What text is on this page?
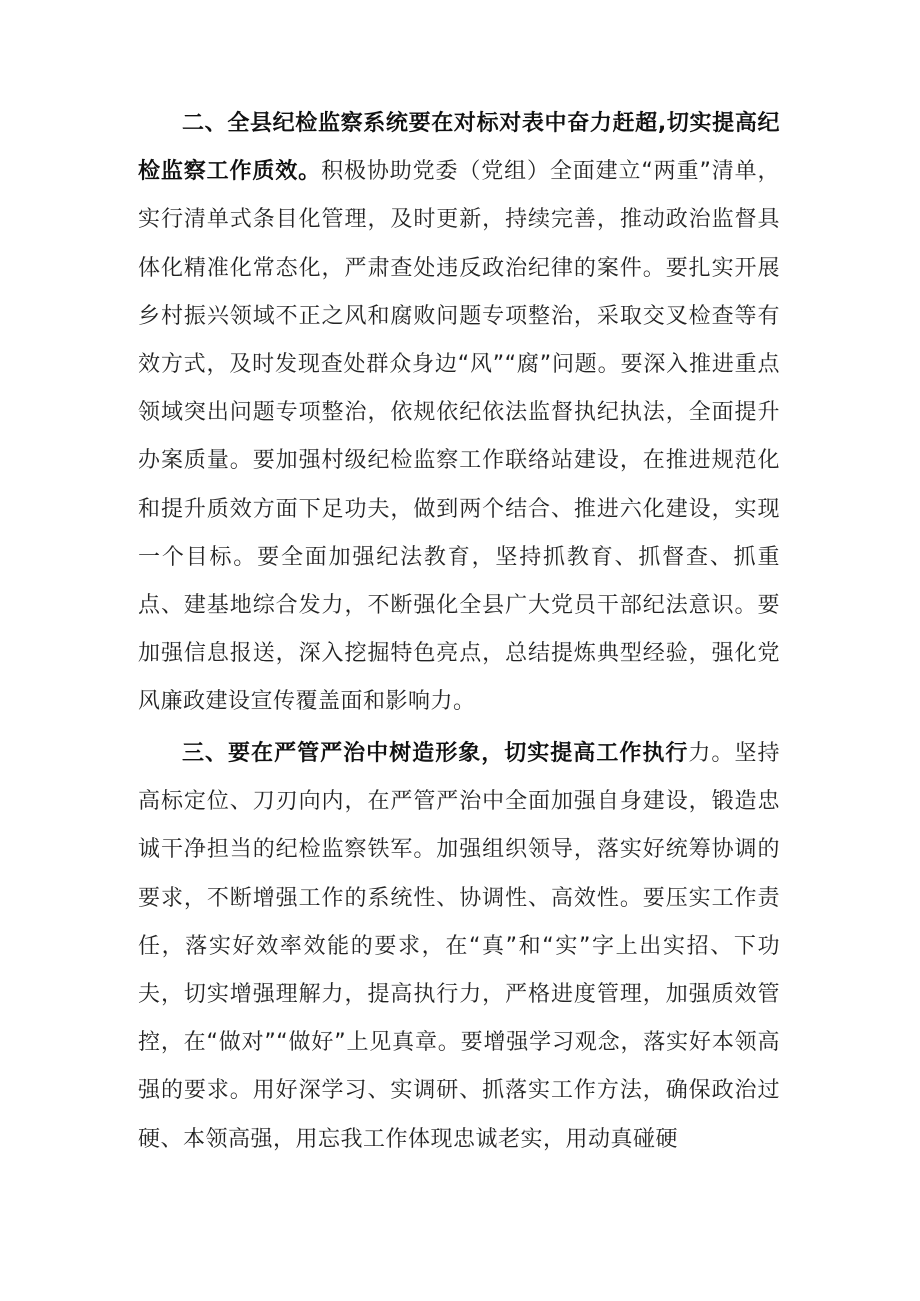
二、全县纪检监察系统要在对标对表中奋力赶超,切实提高纪检监察工作质效。积极协助党委（党组）全面建立“两重”清单，实行清单式条目化管理，及时更新，持续完善，推动政治监督具体化精准化常态化，严肃查处违反政治纪律的案件。要扎实开展乡村振兴领域不正之风和腐败问题专项整治，采取交叉检查等有效方式，及时发现查处群众身边“风”“腐”问题。要深入推进重点领域突出问题专项整治，依规依纪依法监督执纪执法，全面提升办案质量。要加强村级纪检监察工作联络站建设，在推进规范化和提升质效方面下足功夫，做到两个结合、推进六化建设，实现一个目标。要全面加强纪法教育，坚持抓教育、抓督查、抓重点、建基地综合发力，不断强化全县广大党员干部纪法意识。要加强信息报送，深入挖掘特色亮点，总结提炼典型经验，强化党风廉政建设宣传覆盖面和影响力。

三、要在严管严治中树造形象，切实提高工作执行力。坚持高标定位、刀刃向内，在严管严治中全面加强自身建设，锻造忠诚干净担当的纪检监察铁军。加强组织领导，落实好统筹协调的要求，不断增强工作的系统性、协调性、高效性。要压实工作责任，落实好效率效能的要求，在“真”和“实”字上出实招、下功夫，切实增强理解力，提高执行力，严格进度管理，加强质效管控，在“做对”“做好”上见真章。要增强学习观念，落实好本领高强的要求。用好深学习、实调研、抓落实工作方法，确保政治过硬、本领高强，用忘我工作体现忠诚老实，用动真碰硬
